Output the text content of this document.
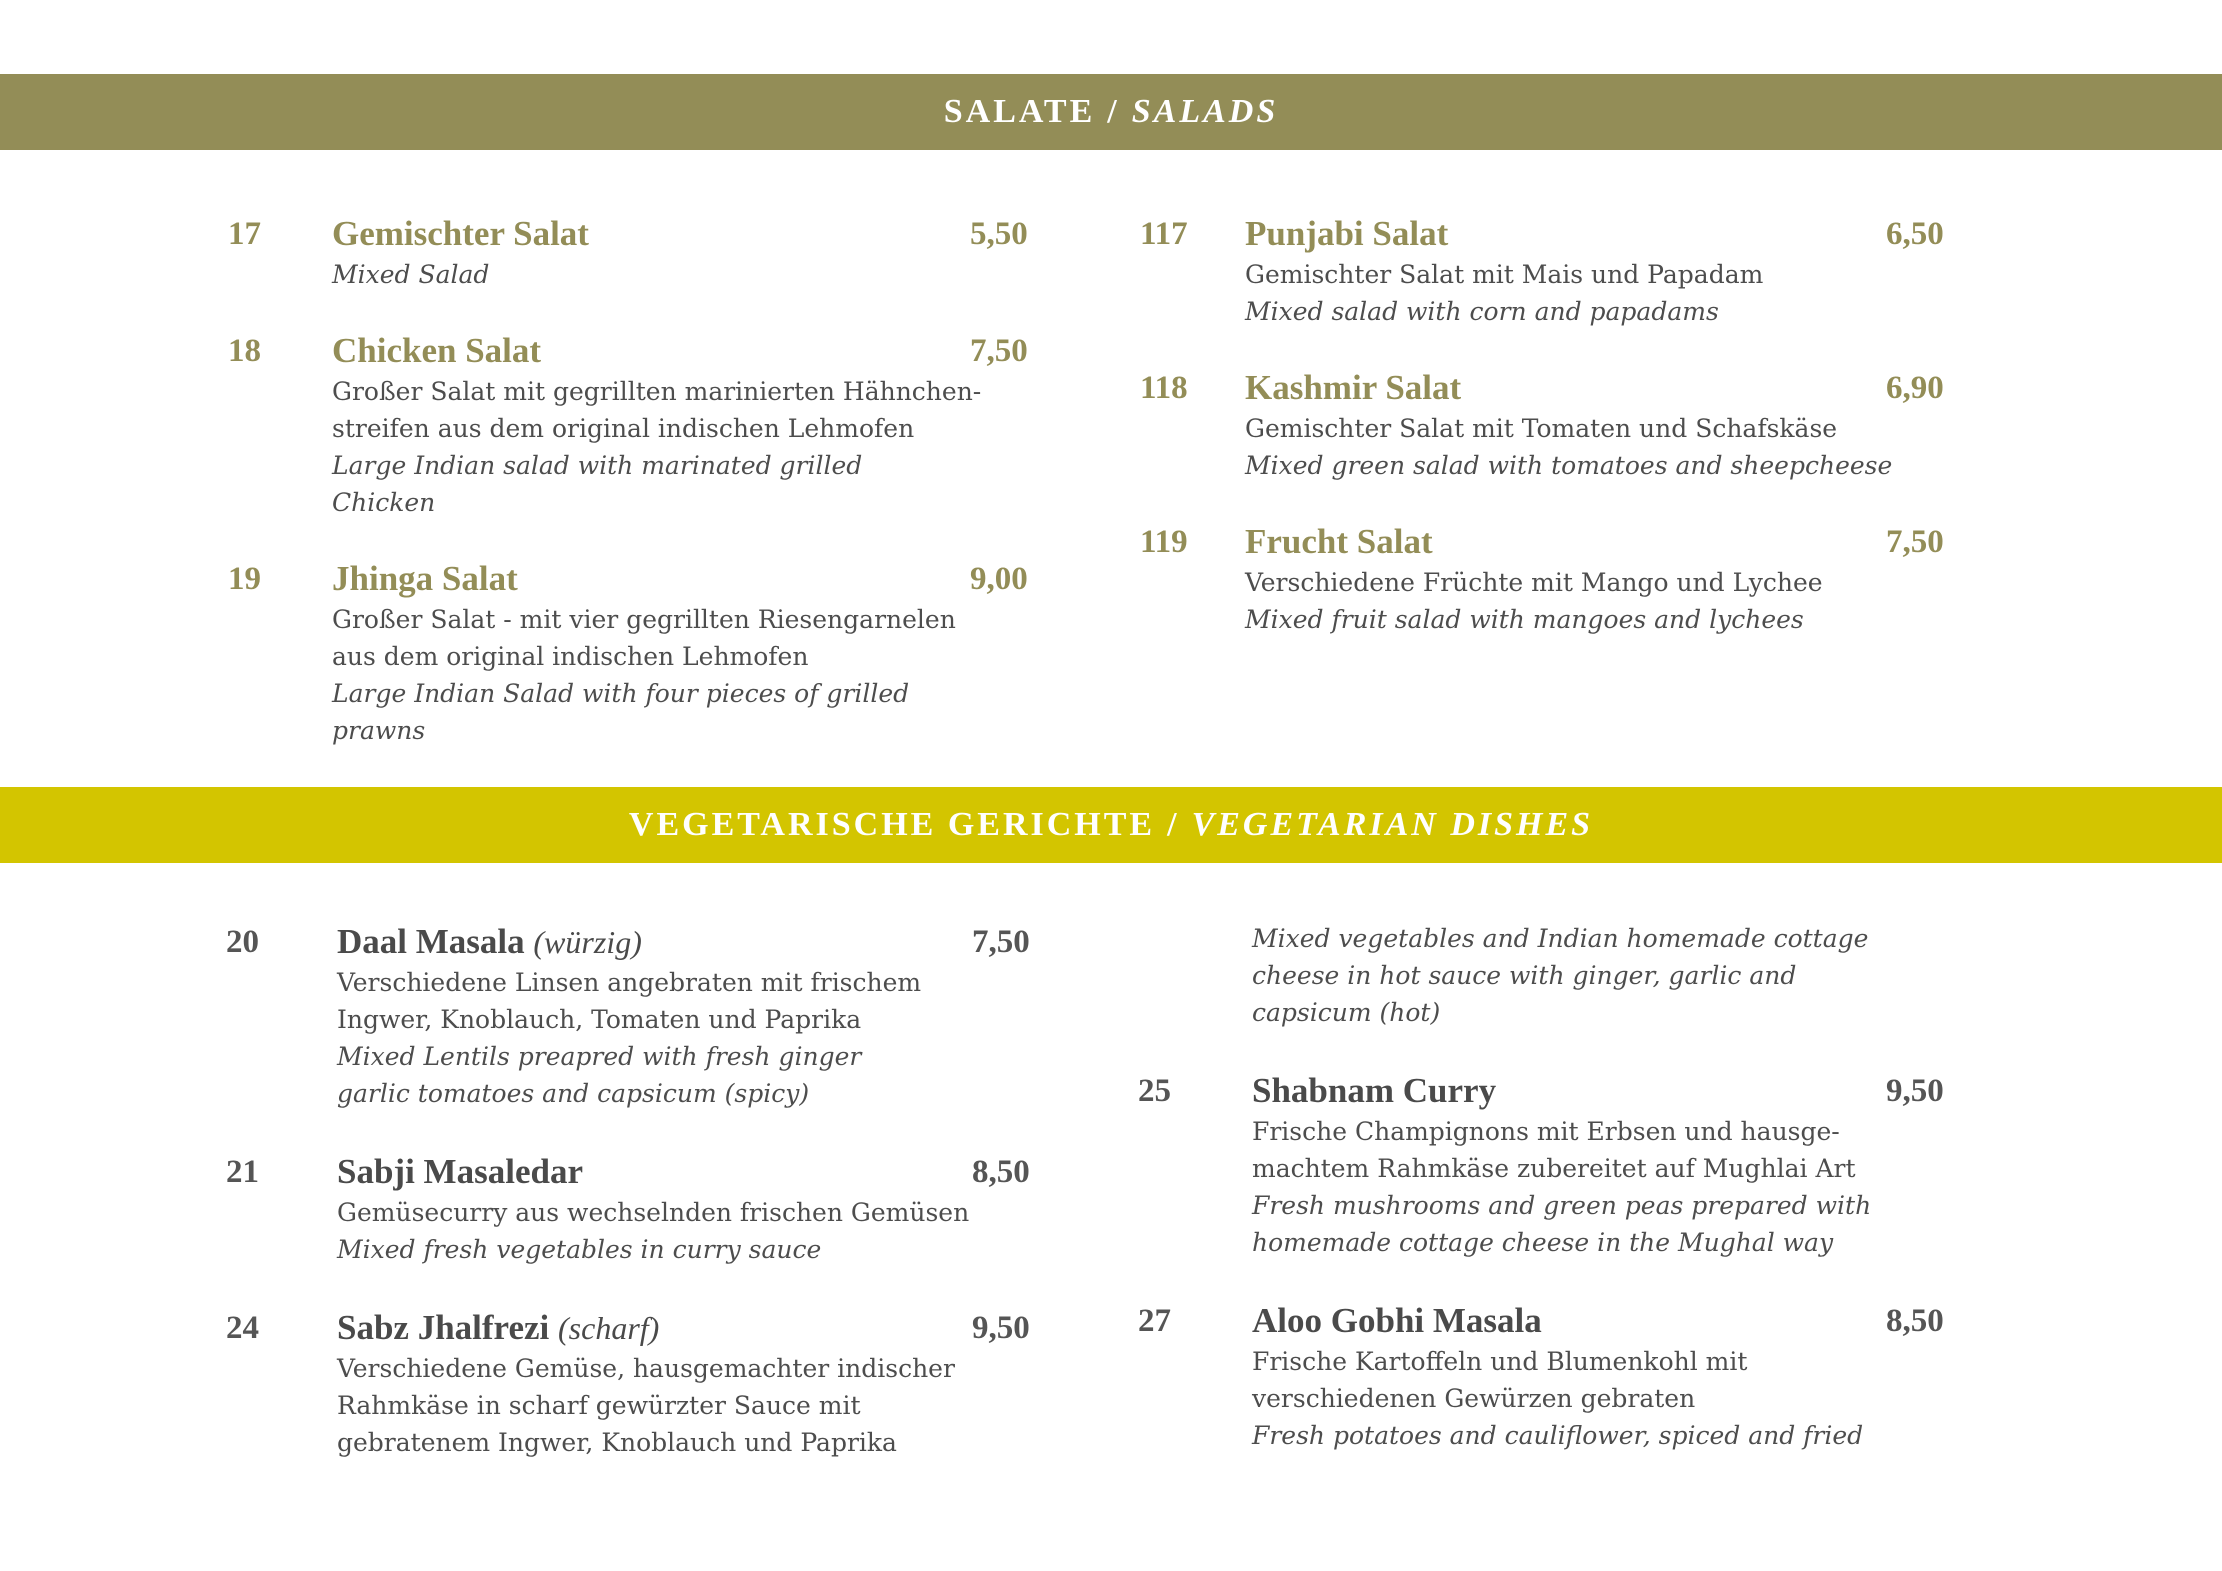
SALATE / SALADS
17 Gemischter Salat	5,50
Mixed Salad
18 Chicken Salat	7,50
Großer Salat mit gegrillten marinierten Hähnchen-
streifen aus dem original indischen Lehmofen
Large Indian salad with marinated grilled
Chicken
19 Jhinga Salat	9,00
Großer Salat - mit vier gegrillten Riesengarnelen
aus dem original indischen Lehmofen
Large Indian Salad with four pieces of grilled
prawns
117 Punjabi Salat	6,50
Gemischter Salat mit Mais und Papadam
Mixed salad with corn and papadams
118 Kashmir Salat	6,90
Gemischter Salat mit Tomaten und Schafskäse
Mixed green salad with tomatoes and sheepcheese
119 Frucht Salat	7,50
Verschiedene Früchte mit Mango und Lychee
Mixed fruit salad with mangoes and lychees
VEGETARISCHE GERICHTE / VEGETARIAN DISHES
20 Daal Masala (würzig)	7,50
Verschiedene Linsen angebraten mit frischem
Ingwer, Knoblauch, Tomaten und Paprika
Mixed Lentils preapred with fresh ginger
garlic tomatoes and capsicum (spicy)
21 Sabji Masaledar	8,50
Gemüsecurry aus wechselnden frischen Gemüsen
Mixed fresh vegetables in curry sauce
24 Sabz Jhalfrezi (scharf)	9,50
Verschiedene Gemüse, hausgemachter indischer
Rahmkäse in scharf gewürzter Sauce mit
gebratenem Ingwer, Knoblauch und Paprika
Mixed vegetables and Indian homemade cottage
cheese in hot sauce with ginger, garlic and
capsicum (hot)
25 Shabnam Curry	9,50
Frische Champignons mit Erbsen und hausge-
machtem Rahmkäse zubereitet auf Mughlai Art
Fresh mushrooms and green peas prepared with
homemade cottage cheese in the Mughal way
27 Aloo Gobhi Masala	8,50
Frische Kartoffeln und Blumenkohl mit
verschiedenen Gewürzen gebraten
Fresh potatoes and cauliflower, spiced and fried
